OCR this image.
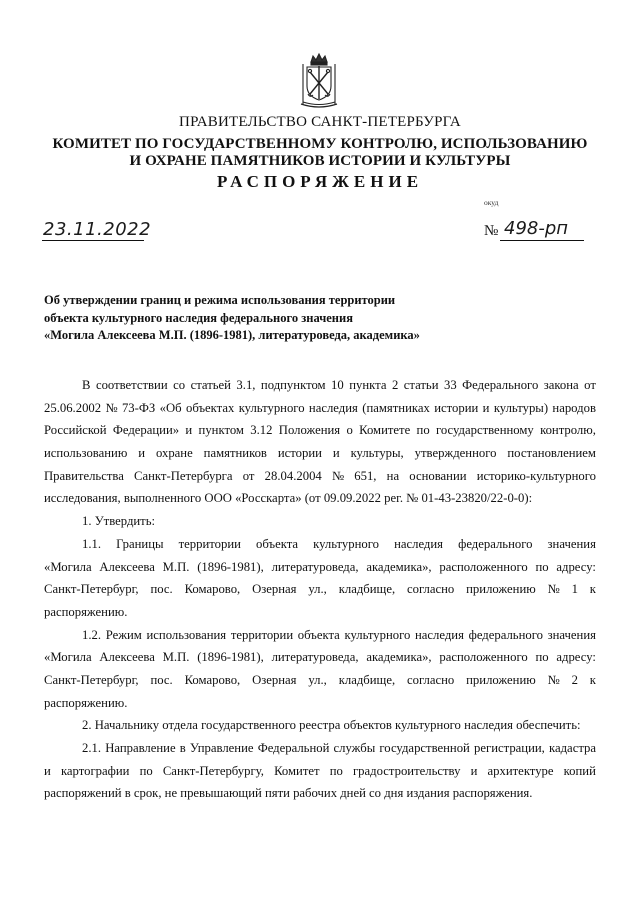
ПРАВИТЕЛЬСТВО САНКТ-ПЕТЕРБУРГА
КОМИТЕТ ПО ГОСУДАРСТВЕННОМУ КОНТРОЛЮ, ИСПОЛЬЗОВАНИЮ
И ОХРАНЕ ПАМЯТНИКОВ ИСТОРИИ И КУЛЬТУРЫ
РАСПОРЯЖЕНИЕ
окуд
23.11.2022	№ 498-рп
Об утверждении границ и режима использования территории
объекта культурного наследия федерального значения
«Могила Алексеева М.П. (1896-1981), литературоведа, академика»
В соответствии со статьей 3.1, подпунктом 10 пункта 2 статьи 33 Федерального закона от
25.06.2002 № 73-ФЗ «Об объектах культурного наследия (памятниках истории и культуры) народов
Российской Федерации» и пунктом 3.12 Положения о Комитете по государственному контролю,
использованию и охране памятников истории и культуры, утвержденного постановлением
Правительства Санкт-Петербурга от 28.04.2004 № 651, на основании историко-культурного
исследования, выполненного ООО «Росскарта» (от 09.09.2022 рег. № 01-43-23820/22-0-0):
1. Утвердить:
1.1. Границы территории объекта культурного наследия федерального значения
«Могила Алексеева М.П. (1896-1981), литературоведа, академика», расположенного по адресу:
Санкт-Петербург, пос. Комарово, Озерная ул., кладбище, согласно приложению № 1 к
распоряжению.
1.2. Режим использования территории объекта культурного наследия федерального значения
«Могила Алексеева М.П. (1896-1981), литературоведа, академика», расположенного по адресу:
Санкт-Петербург, пос. Комарово, Озерная ул., кладбище, согласно приложению № 2 к
распоряжению.
2. Начальнику отдела государственного реестра объектов культурного наследия обеспечить:
2.1. Направление в Управление Федеральной службы государственной регистрации, кадастра
и картографии по Санкт-Петербургу, Комитет по градостроительству и архитектуре копий
распоряжений в срок, не превышающий пяти рабочих дней со дня издания распоряжения.
